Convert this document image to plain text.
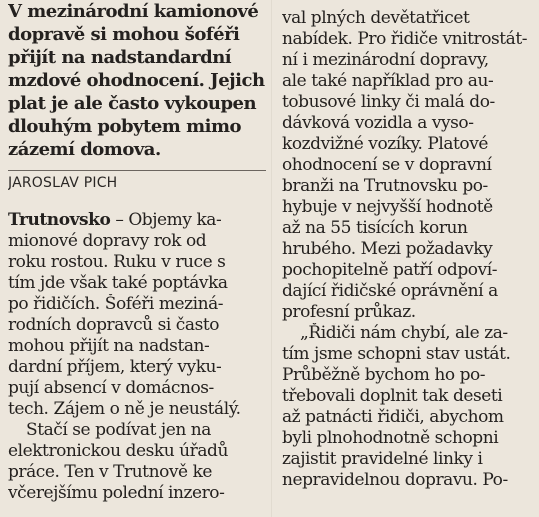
V mezinárodní kamionové
dopravě si mohou šoféři
přijít na nadstandardní
mzdové ohodnocení. Jejich
plat je ale často vykoupen
dlouhým pobytem mimo
zázemí domova.
JAROSLAV PICH
Trutnovsko – Objemy ka-
mionové dopravy rok od
roku rostou. Ruku v ruce s
tím jde však také poptávka
po řidičích. Šoféři meziná-
rodních dopravců si často
mohou přijít na nadstan-
dardní příjem, který vyku-
pují absencí v domácnos-
tech. Zájem o ně je neustálý.
Stačí se podívat jen na
elektronickou desku úřadů
práce. Ten v Trutnově ke
včerejšímu polední inzero-
val plných devětatřicet
nabídek. Pro řidiče vnitrostát-
ní i mezinárodní dopravy,
ale také například pro au-
tobusové linky či malá do-
dávková vozidla a vyso-
kozdvižné vozíky. Platové
ohodnocení se v dopravní
branži na Trutnovsku po-
hybuje v nejvyšší hodnotě
až na 55 tisících korun
hrubého. Mezi požadavky
pochopitelně patří odpoví-
dající řidičské oprávnění a
profesní průkaz.
„Řidiči nám chybí, ale za-
tím jsme schopni stav ustát.
Průběžně bychom ho po-
třebovali doplnit tak deseti
až patnácti řidiči, abychom
byli plnohodnotně schopni
zajistit pravidelné linky i
nepravidelnou dopravu. Po-
